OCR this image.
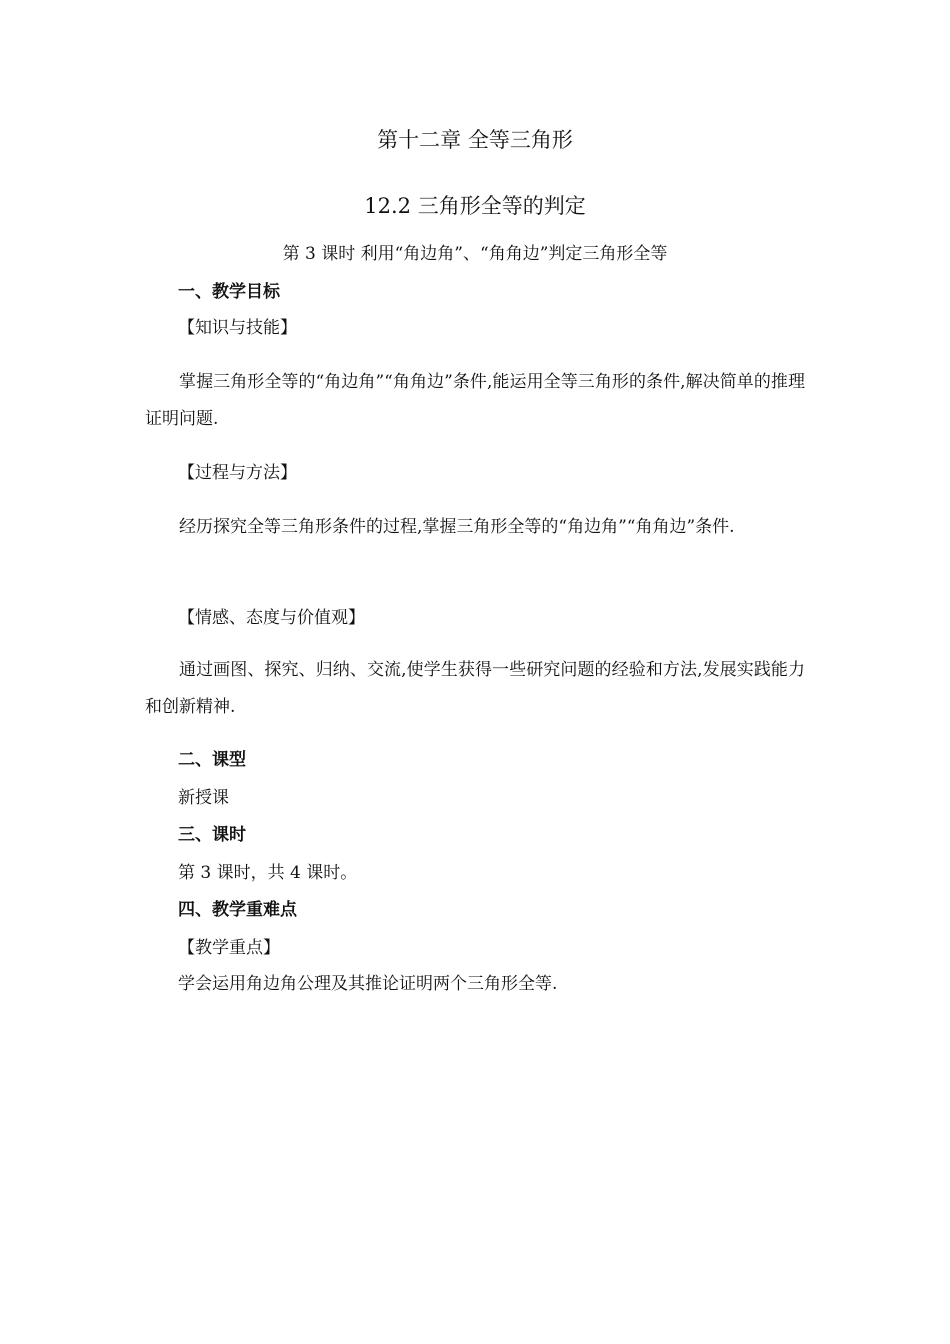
第十二章 全等三角形
12.2 三角形全等的判定
第 3 课时 利用“角边角”、“角角边”判定三角形全等
一、教学目标
【知识与技能】
掌握三角形全等的“角边角”“角角边”条件,能运用全等三角形的条件,解决简单的推理证明问题.
【过程与方法】
经历探究全等三角形条件的过程,掌握三角形全等的“角边角”“角角边”条件.
【情感、态度与价值观】
通过画图、探究、归纳、交流,使学生获得一些研究问题的经验和方法,发展实践能力和创新精神.
二、课型
新授课
三、课时
第 3 课时，共 4 课时。
四、教学重难点
【教学重点】
学会运用角边角公理及其推论证明两个三角形全等.
